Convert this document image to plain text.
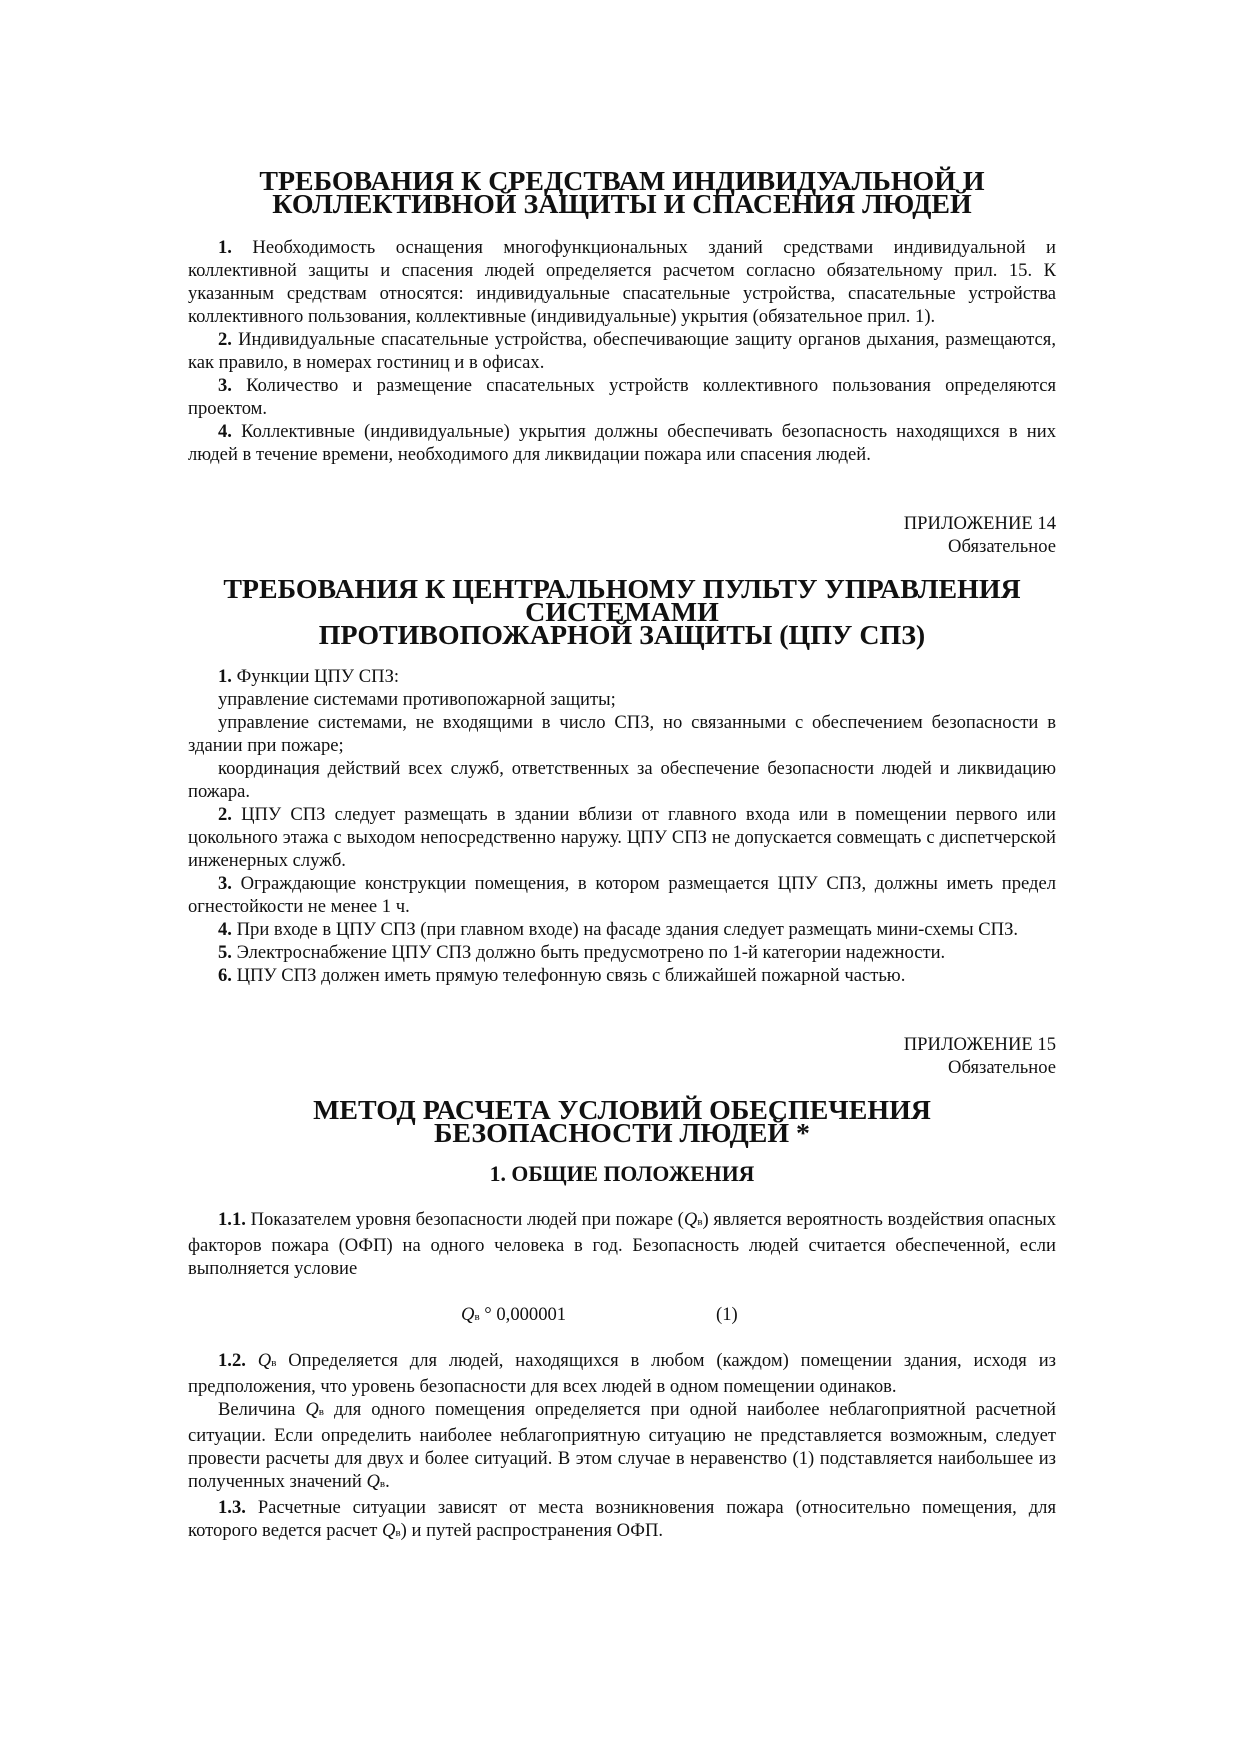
ТРЕБОВАНИЯ К СРЕДСТВАМ ИНДИВИДУАЛЬНОЙ И
КОЛЛЕКТИВНОЙ ЗАЩИТЫ И СПАСЕНИЯ ЛЮДЕЙ

1. Необходимость оснащения многофункциональных зданий средствами индивидуальной и коллективной защиты и спасения людей определяется расчетом согласно обязательному прил. 15. К указанным средствам относятся: индивидуальные спасательные устройства, спасательные устройства коллективного пользования, коллективные (индивидуальные) укрытия (обязательное прил. 1).

2. Индивидуальные спасательные устройства, обеспечивающие защиту органов дыхания, размещаются, как правило, в номерах гостиниц и в офисах.

3. Количество и размещение спасательных устройств коллективного пользования определяются проектом.

4. Коллективные (индивидуальные) укрытия должны обеспечивать безопасность находящихся в них людей в течение времени, необходимого для ликвидации пожара или спасения людей.

ПРИЛОЖЕНИЕ 14
Обязательное
ТРЕБОВАНИЯ К ЦЕНТРАЛЬНОМУ ПУЛЬТУ УПРАВЛЕНИЯ СИСТЕМАМИ
ПРОТИВОПОЖАРНОЙ ЗАЩИТЫ (ЦПУ СПЗ)

1. Функции ЦПУ СПЗ:

управление системами противопожарной защиты;

управление системами, не входящими в число СПЗ, но связанными с обеспечением безопасности в здании при пожаре;

координация действий всех служб, ответственных за обеспечение безопасности людей и ликвидацию пожара.

2. ЦПУ СПЗ следует размещать в здании вблизи от главного входа или в помещении первого или цокольного этажа с выходом непосредственно наружу. ЦПУ СПЗ не допускается совмещать с диспетчерской инженерных служб.

3. Ограждающие конструкции помещения, в котором размещается ЦПУ СПЗ, должны иметь предел огнестойкости не менее 1 ч.

4. При входе в ЦПУ СПЗ (при главном входе) на фасаде здания следует размещать мини-схемы СПЗ.

5. Электроснабжение ЦПУ СПЗ должно быть предусмотрено по 1-й категории надежности.

6. ЦПУ СПЗ должен иметь прямую телефонную связь с ближайшей пожарной частью.

ПРИЛОЖЕНИЕ 15
Обязательное
МЕТОД РАСЧЕТА УСЛОВИЙ ОБЕСПЕЧЕНИЯ
БЕЗОПАСНОСТИ ЛЮДЕЙ *
1. ОБЩИЕ ПОЛОЖЕНИЯ

1.1. Показателем уровня безопасности людей при пожаре (Qв) является вероятность воздействия опасных факторов пожара (ОФП) на одного человека в год. Безопасность людей считается обеспеченной, если выполняется условие

Qв ° 0,000001	(1)

1.2. Qв Oпределяется для людей, находящихся в любом (каждом) помещении здания, исходя из предположения, что уровень безопасности для всех людей в одном помещении одинаков.

Величина Qв для одного помещения определяется при одной наиболее неблагоприятной расчетной ситуации. Если определить наиболее неблагоприятную ситуацию не представляется возможным, следует провести расчеты для двух и более ситуаций. В этом случае в неравенство (1) подставляется наибольшее из полученных значений Qв.

1.3. Расчетные ситуации зависят от места возникновения пожара (относительно помещения, для которого ведется расчет Qв) и путей распространения ОФП.
